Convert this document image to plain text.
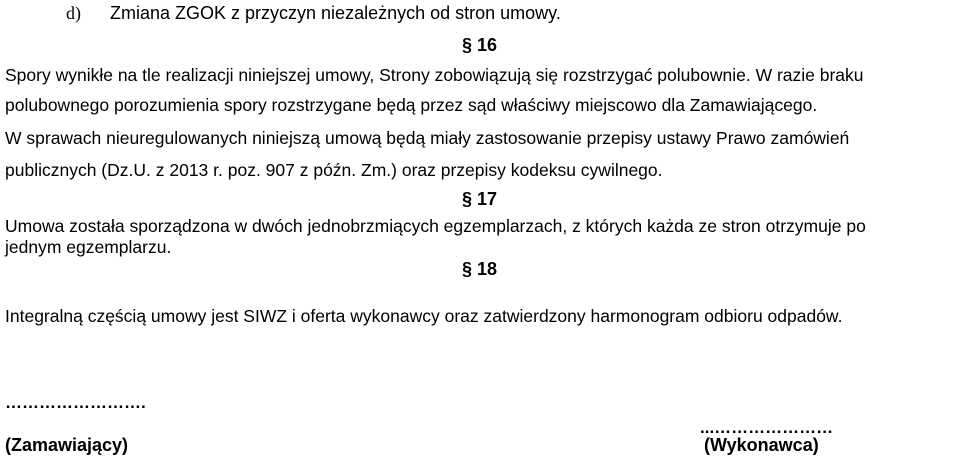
d) Zmiana ZGOK z przyczyn niezależnych od stron umowy.
§ 16
Spory wynikłe na tle realizacji niniejszej umowy, Strony zobowiązują się rozstrzygać polubownie. W razie braku
polubownego porozumienia spory rozstrzygane będą przez sąd właściwy miejscowo dla Zamawiającego.
W sprawach nieuregulowanych niniejszą umową będą miały zastosowanie przepisy ustawy Prawo zamówień
publicznych (Dz.U. z 2013 r. poz. 907 z późn. Zm.) oraz przepisy kodeksu cywilnego.
§ 17
Umowa została sporządzona w dwóch jednobrzmiących egzemplarzach, z których każda ze stron otrzymuje po
jednym egzemplarzu.
§ 18
Integralną częścią umowy jest SIWZ i oferta wykonawcy oraz zatwierdzony harmonogram odbioru odpadów.
…………………….
(Zamawiający)
...…………………
(Wykonawca)
